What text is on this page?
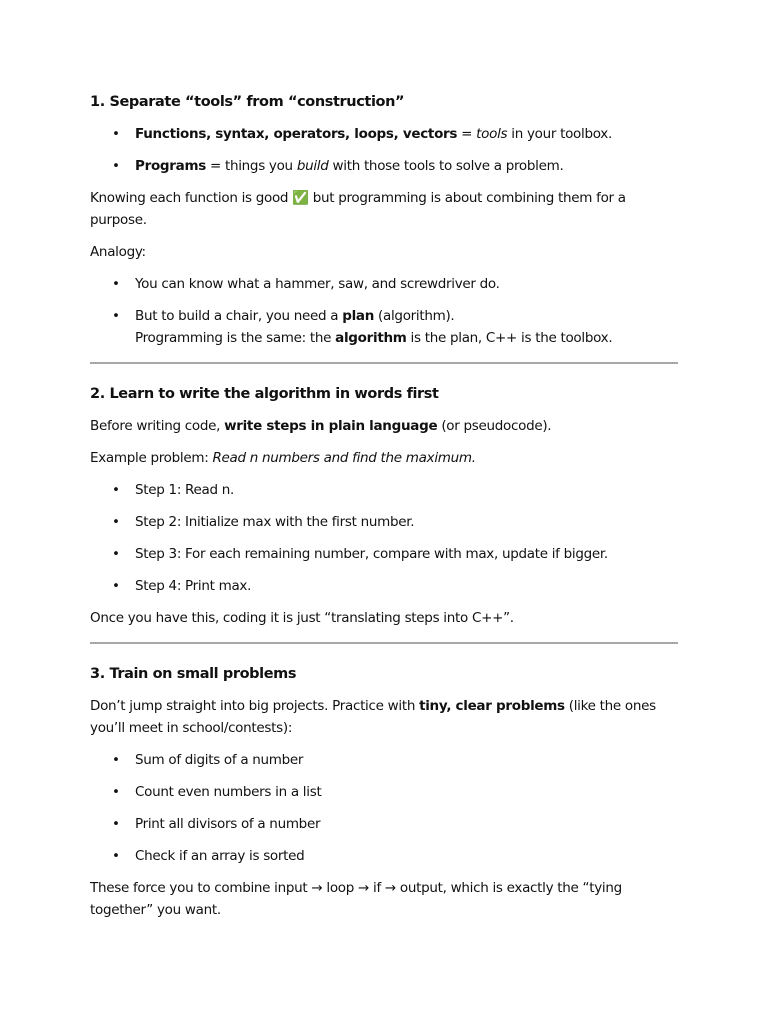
1. Separate “tools” from “construction”
• Functions, syntax, operators, loops, vectors = tools in your toolbox.
• Programs = things you build with those tools to solve a problem.

Knowing each function is good ✅ but programming is about combining them for a purpose.

Analogy:

• You can know what a hammer, saw, and screwdriver do.
• But to build a chair, you need a plan (algorithm).
Programming is the same: the algorithm is the plan, C++ is the toolbox.
2. Learn to write the algorithm in words first

Before writing code, write steps in plain language (or pseudocode).

Example problem: Read n numbers and find the maximum.

• Step 1: Read n.
• Step 2: Initialize max with the first number.
• Step 3: For each remaining number, compare with max, update if bigger.
• Step 4: Print max.

Once you have this, coding it is just “translating steps into C++”.

3. Train on small problems

Don’t jump straight into big projects. Practice with tiny, clear problems (like the ones you’ll meet in school/contests):

• Sum of digits of a number
• Count even numbers in a list
• Print all divisors of a number
• Check if an array is sorted

These force you to combine input → loop → if → output, which is exactly the “tying together” you want.
